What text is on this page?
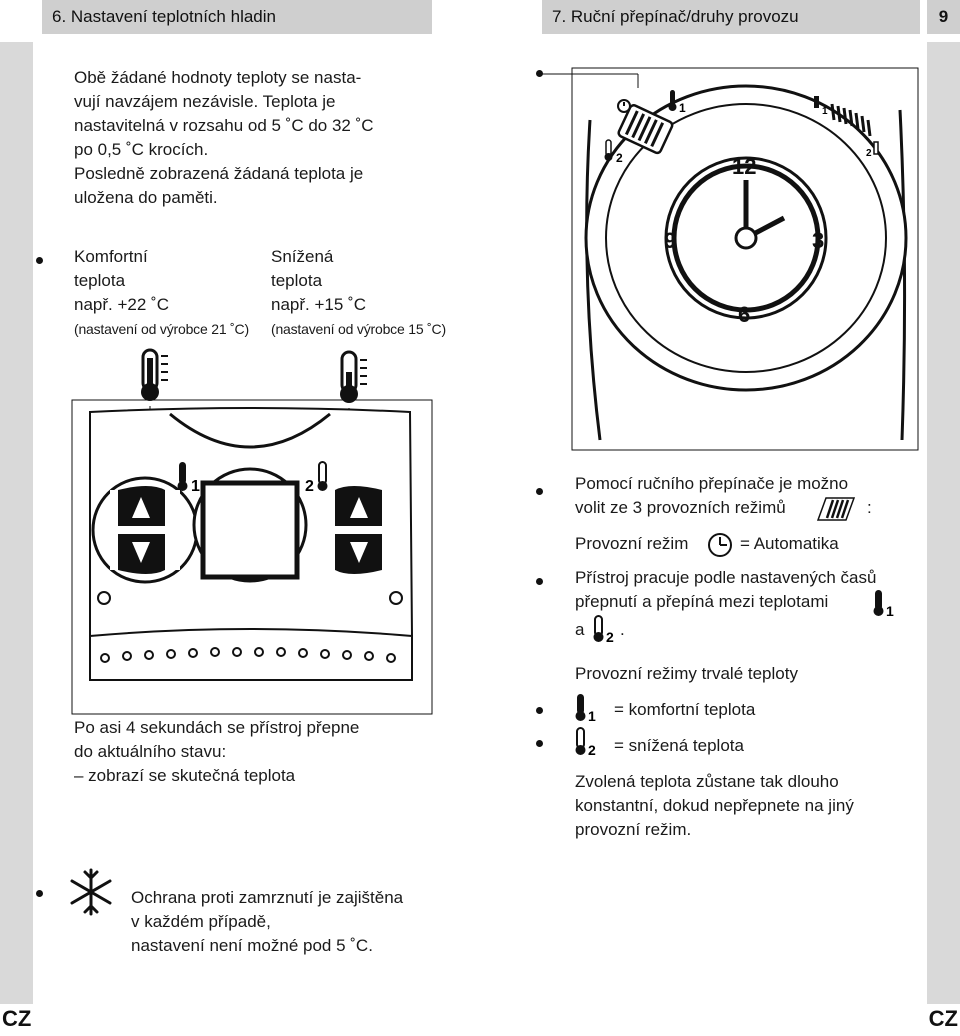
6. Nastavení teplotních hladin	7. Ruční přepínač/druhy provozu	9
Obě žádané hodnoty teploty se nasta-
vují navzájem nezávisle. Teplota je
nastavitelná v rozsahu od 5 ˚C do 32 ˚C
po 0,5 ˚C krocích.
Posledně zobrazená žádaná teplota je
uložena do paměti.
Komfortní
teplota
např. +22 ˚C
(nastavení od výrobce 21 ˚C)
Snížená
teplota
např. +15 ˚C
(nastavení od výrobce 15 ˚C)
1	2
Po asi 4 sekundách se přístroj přepne
do aktuálního stavu:
– zobrazí se skutečná teplota
Ochrana proti zamrznutí je zajištěna
v každém případě,
nastavení není možné pod 5 ˚C.
1
2
1
2
12
3
6
9
Pomocí ručního přepínače je možno
volit ze 3 provozních režimů	:
Provozní režim	= Automatika
Přístroj pracuje podle nastavených časů
přepnutí a přepíná mezi teplotami	1
a 2 .
Provozní režimy trvalé teploty
1 = komfortní teplota
2 = snížená teplota
Zvolená teplota zůstane tak dlouho
konstantní, dokud nepřepnete na jiný
provozní režim.
CZ	CZ
